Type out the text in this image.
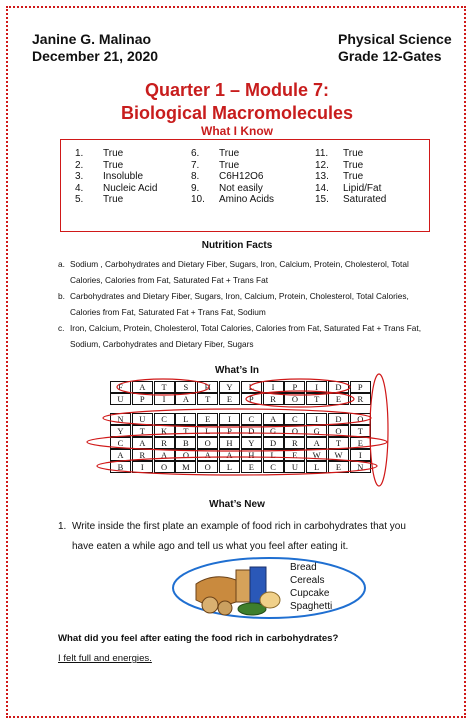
Janine G. Malinao
December 21, 2020
Physical Science
Grade 12-Gates
Quarter 1 – Module 7:
Biological Macromolecules
What I Know
1. True
2. True
3. Insoluble
4. Nucleic Acid
5. True
6. True
7. True
8. C6H12O6
9. Not easily
10. Amino Acids
11. True
12. True
13. True
14. Lipid/Fat
15. Saturated
Nutrition Facts
a. Sodium , Carbohydrates and Dietary Fiber, Sugars, Iron, Calcium, Protein, Cholesterol, Total Calories, Calories from Fat, Saturated Fat + Trans Fat
b. Carbohydrates and Dietary Fiber, Sugars, Iron, Calcium, Protein, Cholesterol, Total Calories, Calories from Fat, Saturated Fat + Trans Fat, Sodium
c. Iron, Calcium, Protein, Cholesterol, Total Calories, Calories from Fat, Saturated Fat + Trans Fat, Sodium, Carbohydrates and Dietary Fiber, Sugars
What’s In
F	A	T	S	H	Y	L	I	P	I	D	P
U	P	I	A	T	E	P	R	O	T	E	R
N	U	C	L	E	I	C	A	C	I	D	O
Y	T	K	T	L	P	D	G	O	G	O	T
C	A	R	B	O	H	Y	D	R	A	T	E
A	R	A	O	A	A	H	L	E	W	W	I
B	I	O	M	O	L	E	C	U	L	E	N
What’s New
1. Write inside the first plate an example of food rich in carbohydrates that you have eaten a while ago and tell us what you feel after eating it.
Bread
Cereals
Cupcake
Spaghetti
What did you feel after eating the food rich in carbohydrates?
I felt full and energies.
